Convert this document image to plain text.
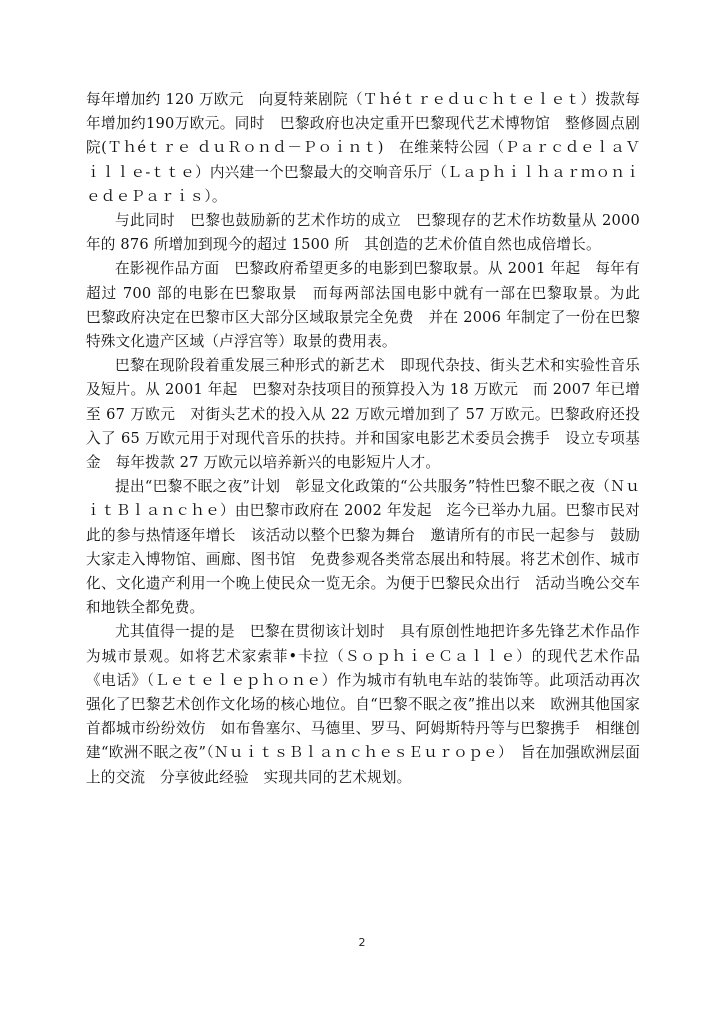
每年增加约 120 万欧元　向夏特莱剧院（Ｔｈéｔｒｅｄｕｃｈｔｅｌｅｔ）拨款每年增加约190万欧元。同时　巴黎政府也决定重开巴黎现代艺术博物馆　整修圆点剧院(Ｔｈéｔｒｅ ｄｕＲｏｎｄ－Ｐｏｉｎｔ)　在维莱特公园（ＰａｒｃｄｅｌａＶｉｌｌｅ-ｔｔｅ）内兴建一个巴黎最大的交响音乐厅（ＬａｐｈｉｌｈａｒｍｏｎｉｅｄｅＰａｒｉｓ）。

与此同时　巴黎也鼓励新的艺术作坊的成立　巴黎现存的艺术作坊数量从 2000 年的 876 所增加到现今的超过 1500 所　其创造的艺术价值自然也成倍增长。

在影视作品方面　巴黎政府希望更多的电影到巴黎取景。从 2001 年起　每年有超过 700 部的电影在巴黎取景　而每两部法国电影中就有一部在巴黎取景。为此　巴黎政府决定在巴黎市区大部分区域取景完全免费　并在 2006 年制定了一份在巴黎特殊文化遗产区域（卢浮宫等）取景的费用表。

巴黎在现阶段着重发展三种形式的新艺术　即现代杂技、街头艺术和实验性音乐及短片。从 2001 年起　巴黎对杂技项目的预算投入为 18 万欧元　而 2007 年已增至 67 万欧元　对街头艺术的投入从 22 万欧元增加到了 57 万欧元。巴黎政府还投入了 65 万欧元用于对现代音乐的扶持。并和国家电影艺术委员会携手　设立专项基金　每年拨款 27 万欧元以培养新兴的电影短片人才。

提出“巴黎不眠之夜”计划　彰显文化政策的“公共服务”特性巴黎不眠之夜（ＮｕｉｔＢｌａｎｃｈｅ）由巴黎市政府在 2002 年发起　迄今已举办九届。巴黎市民对此的参与热情逐年增长　该活动以整个巴黎为舞台　邀请所有的市民一起参与　鼓励大家走入博物馆、画廊、图书馆　免费参观各类常态展出和特展。将艺术创作、城市化、文化遗产利用一个晚上使民众一览无余。为便于巴黎民众出行　活动当晚公交车和地铁全都免费。

尤其值得一提的是　巴黎在贯彻该计划时　具有原创性地把许多先锋艺术作品作为城市景观。如将艺术家索菲•卡拉（ＳｏｐｈｉｅＣａｌｌｅ）的现代艺术作品《电话》（Ｌｅｔｅｌｅｐｈｏｎｅ）作为城市有轨电车站的装饰等。此项活动再次强化了巴黎艺术创作文化场的核心地位。自“巴黎不眠之夜”推出以来　欧洲其他国家首都城市纷纷效仿　如布鲁塞尔、马德里、罗马、阿姆斯特丹等与巴黎携手　相继创建“欧洲不眠之夜”（ＮｕｉｔｓＢｌａｎｃｈｅｓＥｕｒｏｐｅ）　旨在加强欧洲层面上的交流　分享彼此经验　实现共同的艺术规划。

2
